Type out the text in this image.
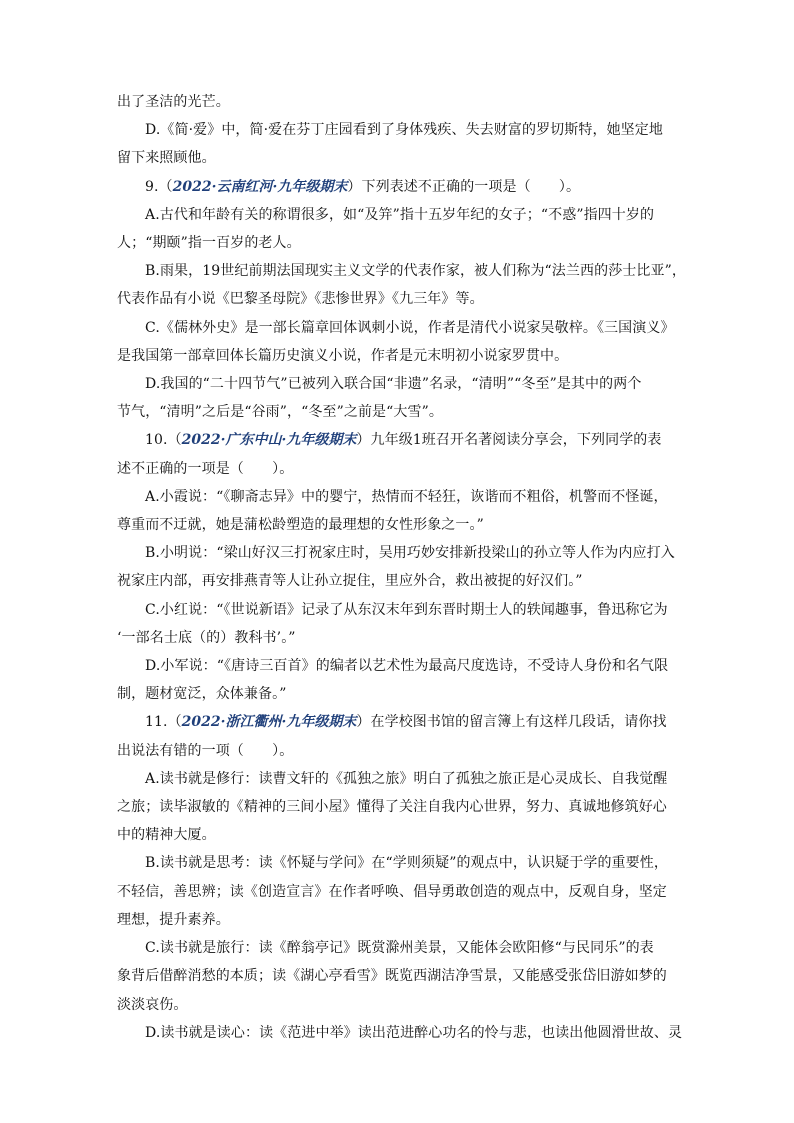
出了圣洁的光芒。
D.《简·爱》中，简·爱在芬丁庄园看到了身体残疾、失去财富的罗切斯特，她坚定地
留下来照顾他。
9.（2022·云南红河·九年级期末）下列表述不正确的一项是（　　）。
A.古代和年龄有关的称谓很多，如“及笄”指十五岁年纪的女子；“不惑”指四十岁的
人；“期颐”指一百岁的老人。
B.雨果，19世纪前期法国现实主义文学的代表作家，被人们称为“法兰西的莎士比亚”，
代表作品有小说《巴黎圣母院》《悲惨世界》《九三年》等。
C.《儒林外史》是一部长篇章回体讽刺小说，作者是清代小说家吴敬梓。《三国演义》
是我国第一部章回体长篇历史演义小说，作者是元末明初小说家罗贯中。
D.我国的“二十四节气”已被列入联合国“非遗”名录，“清明”“冬至”是其中的两个
节气，“清明”之后是“谷雨”，“冬至”之前是“大雪”。
10.（2022·广东中山·九年级期末）九年级1班召开名著阅读分享会，下列同学的表
述不正确的一项是（　　）。
A.小霞说：“《聊斋志异》中的婴宁，热情而不轻狂，诙谐而不粗俗，机警而不怪诞，
尊重而不迂就，她是蒲松龄塑造的最理想的女性形象之一。”
B.小明说：“梁山好汉三打祝家庄时，吴用巧妙安排新投梁山的孙立等人作为内应打入
祝家庄内部，再安排燕青等人让孙立捉住，里应外合，救出被捉的好汉们。”
C.小红说：“《世说新语》记录了从东汉末年到东晋时期士人的轶闻趣事，鲁迅称它为
‘一部名士底（的）教科书’。”
D.小军说：“《唐诗三百首》的编者以艺术性为最高尺度选诗，不受诗人身份和名气限
制，题材宽泛，众体兼备。”
11.（2022·浙江衢州·九年级期末）在学校图书馆的留言簿上有这样几段话，请你找
出说法有错的一项（　　）。
A.读书就是修行：读曹文轩的《孤独之旅》明白了孤独之旅正是心灵成长、自我觉醒
之旅；读毕淑敏的《精神的三间小屋》懂得了关注自我内心世界，努力、真诚地修筑好心
中的精神大厦。
B.读书就是思考：读《怀疑与学问》在“学则须疑”的观点中，认识疑于学的重要性，
不轻信，善思辨；读《创造宣言》在作者呼唤、倡导勇敢创造的观点中，反观自身，坚定
理想，提升素养。
C.读书就是旅行：读《醉翁亭记》既赏滁州美景，又能体会欧阳修“与民同乐”的表
象背后借醉消愁的本质；读《湖心亭看雪》既览西湖洁净雪景，又能感受张岱旧游如梦的
淡淡哀伤。
D.读书就是读心：读《范进中举》读出范进醉心功名的怜与悲，也读出他圆滑世故、灵
